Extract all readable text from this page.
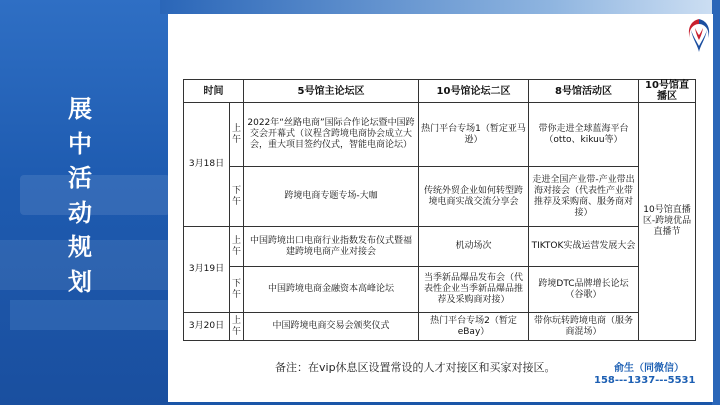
展
中
活
动
规
划
时间		5号馆主论坛区	10号馆论坛二区	8号馆活动区	10号馆直播区
3月18日	上午	2022年“丝路电商”国际合作论坛暨中国跨交会开幕式（议程含跨境电商协会成立大会，重大项目签约仪式，智能电商论坛）	热门平台专场1（暂定亚马逊）	带你走进全球蓝海平台（otto、kikuu等）	10号馆直播区-跨境优品直播节
	下午	跨境电商专题专场-大咖	传统外贸企业如何转型跨境电商实战交流分享会	走进全国产业带-产业带出海对接会（代表性产业带推荐及采购商、服务商对接）	
3月19日	上午	中国跨境出口电商行业指数发布仪式暨福建跨境电商产业对接会	机动场次	TIKTOK实战运营发展大会	
	下午	中国跨境电商金融资本高峰论坛	当季新品爆品发布会（代表性企业当季新品爆品推荐及采购商对接）	跨境DTC品牌增长论坛（谷歌）	
3月20日	上午	中国跨境电商交易会颁奖仪式	热门平台专场2（暂定eBay）	带你玩转跨境电商（服务商混场）	
备注：在vip休息区设置常设的人才对接区和买家对接区。	俞生（同微信）
158---1337---5531
